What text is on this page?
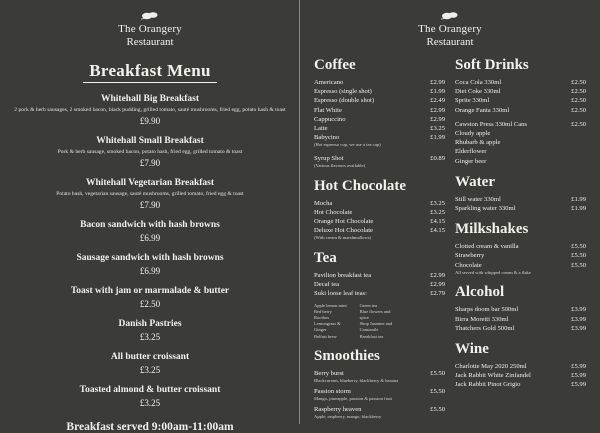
The Orangery
Restaurant
Breakfast Menu
Whitehall Big Breakfast
2 pork & herb sausages, 2 smoked bacon, black pudding, grilled tomato, sauté mushrooms, fried egg, potato hash & toast
£9.90
Whitehall Small Breakfast
Pork & herb sausage, smoked bacon, potato hash, fried egg, grilled tomato & toast
£7.90
Whitehall Vegetarian Breakfast
Potato hash, vegetarian sausage, sauté mushrooms, grilled tomato, fried egg & toast
£7.90
Bacon sandwich with hash browns
£6.99
Sausage sandwich with hash browns
£6.99
Toast with jam or marmalade & butter
£2.50
Danish Pastries
£3.25
All butter croissant
£3.25
Toasted almond & butter croissant
£3.25
Breakfast served 9:00am-11:00am
The Orangery
Restaurant
Coffee
Americano	£2.99
Espresso (single shot)	£1.99
Espresso (double shot)	£2.49
Flat White	£2.99
Cappuccino	£2.99
Latte	£3.25
Babycino	£1.99
(Hot espresso cup, we use a tea cup)
Syrup Shot	£0.89
(Various flavours available)
Hot Chocolate
Mocha	£3.25
Hot Chocolate	£3.25
Orange Hot Chocolate	£4.15
Deluxe Hot Chocolate	£4.15
(With cream & marshmallows)
Tea
Pavilion breakfast tea	£2.99
Decaf tea	£2.99
Suki loose leaf teas:	£2.79
Apple lemon mint
Red berry
Rooibos
Lemongrass & Ginger
Belfast brew
Green tea
Blue flowers and spice
Shop Jasmine and
Camomile
Breakfast tea
Smoothies
Berry burst	£5.50
Blackcurrant, blueberry, blackberry & banana
Passion storm	£5.50
Mango, pineapple, passion & passion fruit
Raspberry heaven	£5.50
Apple, raspberry, mango, blackberry
Soft Drinks
Coca Cola 330ml	£2.50
Diet Coke 330ml	£2.50
Sprite 330ml	£2.50
Orange Fanta 330ml	£2.50
Cawston Press 330ml Cans	£2.50
Cloudy apple
Rhubarb & apple
Elderflower
Ginger beer
Water
Still water 330ml	£1.99
Sparkling water 330ml	£1.99
Milkshakes
Clotted cream & vanilla	£5.50
Strawberry	£5.50
Chocolate	£5.50
All served with whipped cream & a flake
Alcohol
Sharps doom bar 500ml	£3.99
Birra Moretti 330ml	£3.99
Thatchers Gold 500ml	£3.99
Wine
Charlotte May 2020 250ml	£5.99
Jack Rabbit White Zinfandel	£5.99
Jack Rabbit Pinot Grigio	£5.99
